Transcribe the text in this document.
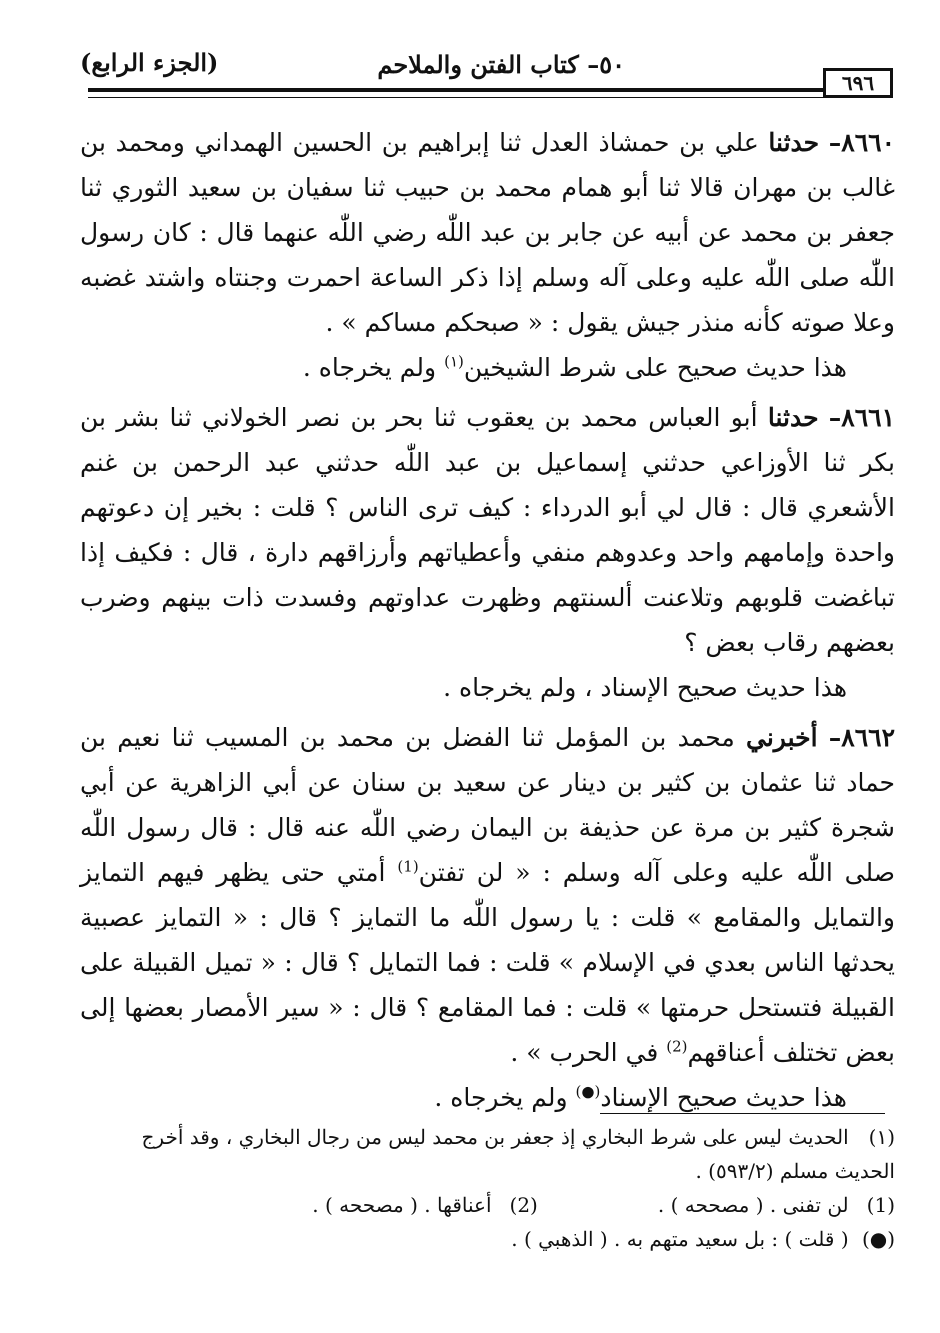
٥٠– كتاب الفتن والملاحم
(الجزء الرابع)
٦٩٦

٨٦٦٠– حدثنا علي بن حمشاذ العدل ثنا إبراهيم بن الحسين الهمداني ومحمد بن غالب بن مهران قالا ثنا أبو همام محمد بن حبيب ثنا سفيان بن سعيد الثوري ثنا جعفر بن محمد عن أبيه عن جابر بن عبد اللّٰه رضي اللّٰه عنهما قال : كان رسول اللّٰه صلى اللّٰه عليه وعلى آله وسلم إذا ذكر الساعة احمرت وجنتاه واشتد غضبه وعلا صوته كأنه منذر جيش يقول : « صبحكم مساكم » .

هذا حديث صحيح على شرط الشيخين$^{(١)}$ ولم يخرجاه .

٨٦٦١– حدثنا أبو العباس محمد بن يعقوب ثنا بحر بن نصر الخولاني ثنا بشر بن بكر ثنا الأوزاعي حدثني إسماعيل بن عبد اللّٰه حدثني عبد الرحمن بن غنم الأشعري قال : قال لي أبو الدرداء : كيف ترى الناس ؟ قلت : بخير إن دعوتهم واحدة وإمامهم واحد وعدوهم منفي وأعطياتهم وأرزاقهم دارة ، قال : فكيف إذا تباغضت قلوبهم وتلاعنت ألسنتهم وظهرت عداوتهم وفسدت ذات بينهم وضرب بعضهم رقاب بعض ؟

هذا حديث صحيح الإسناد ، ولم يخرجاه .

٨٦٦٢– أخبرني محمد بن المؤمل ثنا الفضل بن محمد بن المسيب ثنا نعيم بن حماد ثنا عثمان بن كثير بن دينار عن سعيد بن سنان عن أبي الزاهرية عن أبي شجرة كثير بن مرة عن حذيفة بن اليمان رضي اللّٰه عنه قال : قال رسول اللّٰه صلى اللّٰه عليه وعلى آله وسلم : « لن تفتن$^{(1)}$ أمتي حتى يظهر فيهم التمايز والتمايل والمقامع » قلت : يا رسول اللّٰه ما التمايز ؟ قال : « التمايز عصبية يحدثها الناس بعدي في الإسلام » قلت : فما التمايل ؟ قال : « تميل القبيلة على القبيلة فتستحل حرمتها » قلت : فما المقامع ؟ قال : « سير الأمصار بعضها إلى بعض تختلف أعناقهم$^{(2)}$ في الحرب » .

هذا حديث صحيح الإسناد(●) ولم يخرجاه .

(١) الحديث ليس على شرط البخاري إذ جعفر بن محمد ليس من رجال البخاري ، وقد أخرج الحديث مسلم (٥٩٣/٢) .

(1) لن تفنى . ( مصححه ) .

(2) أعناقها . ( مصححه ) .

(●) ( قلت ) : بل سعيد متهم به . ( الذهبي ) .
